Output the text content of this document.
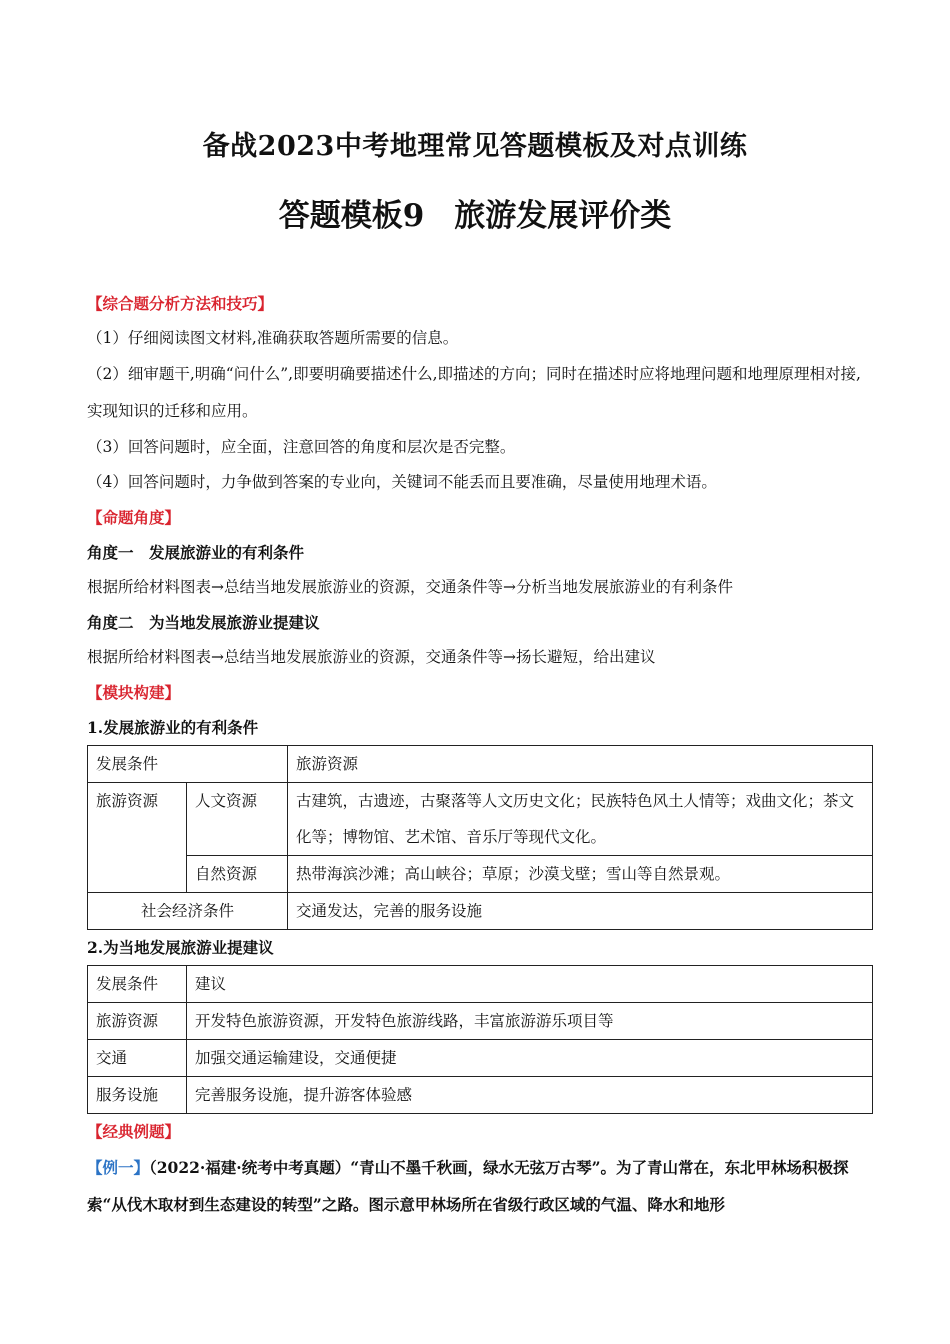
备战2023中考地理常见答题模板及对点训练
答题模板9 旅游发展评价类
【综合题分析方法和技巧】
（1）仔细阅读图文材料,准确获取答题所需要的信息。
（2）细审题干,明确“问什么”,即要明确要描述什么,即描述的方向；同时在描述时应将地理问题和地理原理相对接,实现知识的迁移和应用。
（3）回答问题时，应全面，注意回答的角度和层次是否完整。
（4）回答问题时，力争做到答案的专业向，关键词不能丢而且要准确，尽量使用地理术语。
【命题角度】
角度一　发展旅游业的有利条件
根据所给材料图表→总结当地发展旅游业的资源，交通条件等→分析当地发展旅游业的有利条件
角度二　为当地发展旅游业提建议
根据所给材料图表→总结当地发展旅游业的资源，交通条件等→扬长避短，给出建议
【模块构建】
1.发展旅游业的有利条件
发展条件		旅游资源
旅游资源	人文资源	古建筑，古遗迹，古聚落等人文历史文化；民族特色风土人情等；戏曲文化；茶文化等；博物馆、艺术馆、音乐厅等现代文化。
	自然资源	热带海滨沙滩；高山峡谷；草原；沙漠戈壁；雪山等自然景观。
社会经济条件		交通发达，完善的服务设施
2.为当地发展旅游业提建议
发展条件	建议
旅游资源	开发特色旅游资源，开发特色旅游线路，丰富旅游游乐项目等
交通	加强交通运输建设，交通便捷
服务设施	完善服务设施，提升游客体验感
【经典例题】
【例一】（2022·福建·统考中考真题）“青山不墨千秋画，绿水无弦万古琴”。为了青山常在，东北甲林场积极探索“从伐木取材到生态建设的转型”之路。图示意甲林场所在省级行政区域的气温、降水和地形
